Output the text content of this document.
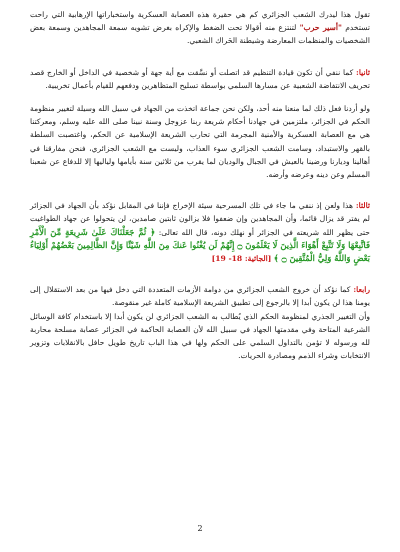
تقول هذا ليدرك الشعب الجزائري كم هي حقيرة هذه العصابة العسكرية واستخباراتها الإرهابية التي راحت تستخدم "أسير حرب" لتنتزع منه أقوالا تحت الضغط والإكراه بغرض تشويه سمعة المجاهدين وسمعة بعض الشخصيات والمنظمات المعارضة وشيطنة الحَراك الشعبي.

ثانيا: كما ننفي أن تكون قيادة التنظيم قد اتصلت أو نسَّقت مع أية جهة أو شخصية في الداخل أو الخارج قصد تحريف الانتفاضة الشعبية عن مسارها السلمي بواسطة تسليح المتظاهرين ودفعهم للقيام بأعمال تخريبية.

ولو أردنا فعل ذلك لما منعنا منه أحد، ولكن نحن جماعة اتخذت من الجهاد في سبيل الله وسيلة لتغيير منظومة الحكم في الجزائر، ملتزمين في جهادنا أحكام شريعة ربنا عزوجل وسنة نبينا صلى الله عليه وسلم، ومعركتنا هي مع العصابة العسكرية والأمنية المجرمة التي تحارب الشريعة الإسلامية عن الحكم، واغتصبت السلطة بالقهر والاستبداد، وسامت الشعب الجزائري سوء العذاب، وليست مع الشعب الجزائري، فنحن مفارقنا في أهالينا وديارنا ورضينا بالعيش في الجبال والوديان لما يقرب من ثلاثين سنة بأيامها ولياليها إلا للدفاع عن شعبنا المسلم وعن دينه وعرضه وأرضه.

ثالثا: هذا ولعن إذ ننفي ما جاء في تلك المسرحية سيئة الإخراج فإننا في المقابل نؤكد بأن الجهاد في الجزائر لم يفتر قد يزال قائما، وأن المجاهدين وإن ضعفوا فلا يزالون ثابتين صامدين، لن يتحولوا عن جهاد الطواغيت حتى يظهر الله شريعته في الجزائر أو نهلك دونه، قال الله تعالى: ﴿ ثُمَّ جَعَلْنَاكَ عَلَىٰ شَرِيعَةٍ مِّنَ الْأَمْرِ فَاتَّبِعْهَا وَلَا تَتَّبِعْ أَهْوَاءَ الَّذِينَ لَا يَعْلَمُونَ ۝ إِنَّهُمْ لَن يُغْنُوا عَنكَ مِنَ اللَّهِ شَيْئًا وَإِنَّ الظَّالِمِينَ بَعْضُهُمْ أَوْلِيَاءُ بَعْضٍ وَاللَّهُ وَلِيُّ الْمُتَّقِينَ ۝ ﴾ [الجاثية: 18- 19]

رابعا: كما نؤكد أن خروج الشعب الجزائري من دوامة الأزمات المتعددة التي دخل فيها من بعد الاستقلال إلى يومنا هذا لن يكون أبدا إلا بالرجوع إلى تطبيق الشريعة الإسلامية كاملة غير منقوصة.

وأن التغيير الجذري لمنظومة الحكم الذي يُطالب به الشعب الجزائري لن يكون أبدا إلا باستخدام كافة الوسائل الشرعية المتاحة وفي مقدمتها الجهاد في سبيل الله لأن العصابة الحاكمة في الجزائر عصابة مسلحة محاربة لله ورسوله لا تؤمن بالتداول السلمي على الحكم ولها في هذا الباب تاريخ طويل حافل بالانقلابات وتزوير الانتخابات وشراء الذمم ومصادرة الحريات.

2
